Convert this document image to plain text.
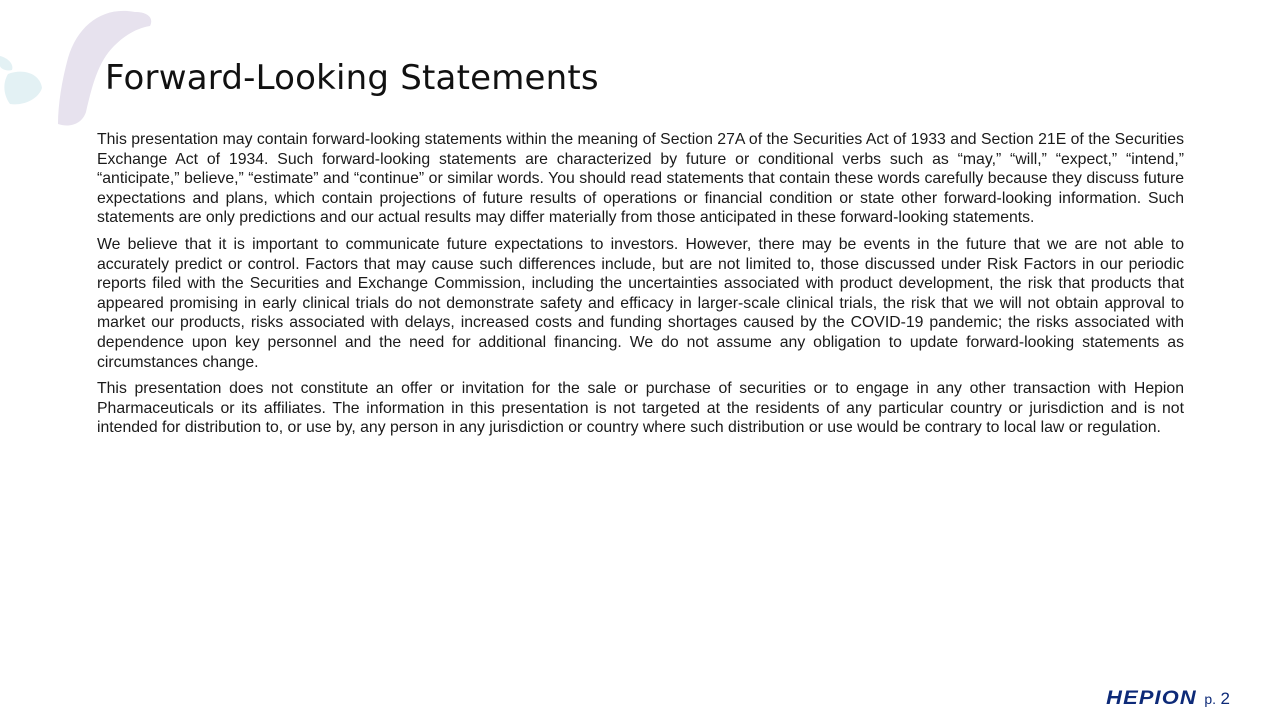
Forward-Looking Statements

This presentation may contain forward-looking statements within the meaning of Section 27A of the Securities Act of 1933 and Section 21E of the Securities Exchange Act of 1934. Such forward-looking statements are characterized by future or conditional verbs such as “may,” “will,” “expect,” “intend,” “anticipate,” believe,” “estimate” and “continue” or similar words. You should read statements that contain these words carefully because they discuss future expectations and plans, which contain projections of future results of operations or financial condition or state other forward-looking information. Such statements are only predictions and our actual results may differ materially from those anticipated in these forward-looking statements.

We believe that it is important to communicate future expectations to investors. However, there may be events in the future that we are not able to accurately predict or control. Factors that may cause such differences include, but are not limited to, those discussed under Risk Factors in our periodic reports filed with the Securities and Exchange Commission, including the uncertainties associated with product development, the risk that products that appeared promising in early clinical trials do not demonstrate safety and efficacy in larger-scale clinical trials, the risk that we will not obtain approval to market our products, risks associated with delays, increased costs and funding shortages caused by the COVID-19 pandemic; the risks associated with dependence upon key personnel and the need for additional financing. We do not assume any obligation to update forward-looking statements as circumstances change.

This presentation does not constitute an offer or invitation for the sale or purchase of securities or to engage in any other transaction with Hepion Pharmaceuticals or its affiliates. The information in this presentation is not targeted at the residents of any particular country or jurisdiction and is not intended for distribution to, or use by, any person in any jurisdiction or country where such distribution or use would be contrary to local law or regulation.

HEPION p. 2
